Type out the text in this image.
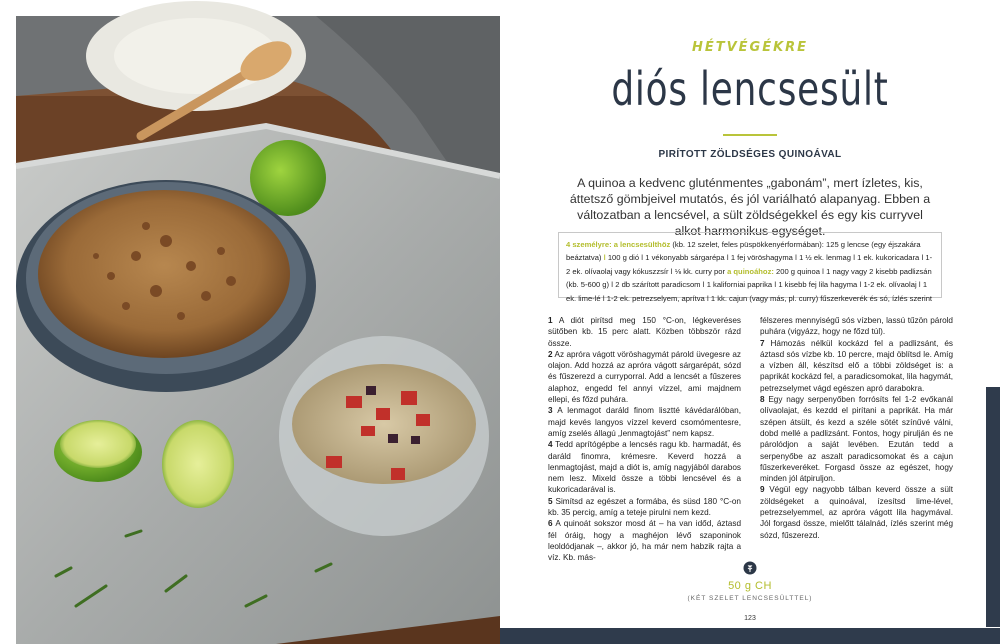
HÉTVÉGÉKRE
diós lencsesült
PIRÍTOTT ZÖLDSÉGES QUINOÁVAL
A quinoa a kedvenc gluténmentes „gabonám”, mert ízletes, kis, áttetsző gömbjeivel mutatós, és jól variálható alapanyag. Ebben a változatban a lencsével, a sült zöldségekkel és egy kis curryvel alkot harmonikus egységet.
4 személyre: a lencsesülthöz (kb. 12 szelet, feles püspökkenyérformában): 125 g lencse (egy éjszakára beáztatva) ǀ 100 g dió ǀ 1 vékonyabb sárgarépa ǀ 1 fej vöröshagyma ǀ 1 ½ ek. lenmag ǀ 1 ek. kukoricadara ǀ 1-2 ek. olívaolaj vagy kókuszzsír ǀ ⅛ kk. curry por a quinoához: 200 g quinoa ǀ 1 nagy vagy 2 kisebb padlizsán (kb. 5-600 g) ǀ 2 db szárított paradicsom ǀ 1 kaliforniai paprika ǀ 1 kisebb fej lila hagyma ǀ 1-2 ek. olívaolaj ǀ 1 ek. lime-lé ǀ 1-2 ek. petrezselyem, aprítva ǀ 1 kk. cajun (vagy más, pl. curry) fűszerkeverék és só, ízlés szerint

1 A diót pirítsd meg 150 °C-on, légkeveréses sütőben kb. 15 perc alatt. Közben többször rázd össze.

2 Az apróra vágott vöröshagymát párold üvegesre az olajon. Add hozzá az apróra vágott sárgarépát, sózd és fűszerezd a curryporral. Add a lencsét a fűszeres alaphoz, engedd fel annyi vízzel, ami majdnem ellepi, és főzd puhára.

3 A lenmagot daráld finom lisztté kávédarálóban, majd kevés langyos vízzel keverd csomómentesre, amíg zselés állagú „lenmagtojást” nem kapsz.

4 Tedd aprítógépbe a lencsés ragu kb. harmadát, és daráld finomra, krémesre. Keverd hozzá a lenmagtojást, majd a diót is, amíg nagyjából darabos nem lesz. Mixeld össze a többi lencsével és a kukoricadarával is.

5 Simítsd az egészet a formába, és süsd 180 °C-on kb. 35 percig, amíg a teteje pirulni nem kezd.

6 A quinoát sokszor mosd át – ha van időd, áztasd fél óráig, hogy a maghéjon lévő szaponinok leoldódjanak –, akkor jó, ha már nem habzik rajta a víz. Kb. más-

félszeres mennyiségű sós vízben, lassú tűzön párold puhára (vigyázz, hogy ne főzd túl).

7 Hámozás nélkül kockázd fel a padlizsánt, és áztasd sós vízbe kb. 10 percre, majd öblítsd le. Amíg a vízben áll, készítsd elő a többi zöldséget is: a paprikát kockázd fel, a paradicsomokat, lila hagymát, petrezselymet vágd egészen apró darabokra.

8 Egy nagy serpenyőben forrósíts fel 1-2 evőkanál olívaolajat, és kezdd el pirítani a paprikát. Ha már szépen átsült, és kezd a széle sötét színűvé válni, dobd mellé a padlizsánt. Fontos, hogy pirulján és ne párolódjon a saját levében. Ezután tedd a serpenyőbe az aszalt paradicsomokat és a cajun fűszerkeveréket. Forgasd össze az egészet, hogy minden jól átpiruljon.

9 Végül egy nagyobb tálban keverd össze a sült zöldségeket a quinoával, ízesítsd lime-lével, petrezselyemmel, az apróra vágott lila hagymával. Jól forgasd össze, mielőtt tálalnád, ízlés szerint még sózd, fűszerezd.

50 g CH
(KÉT SZELET LENCSESÜLTTEL)
123
